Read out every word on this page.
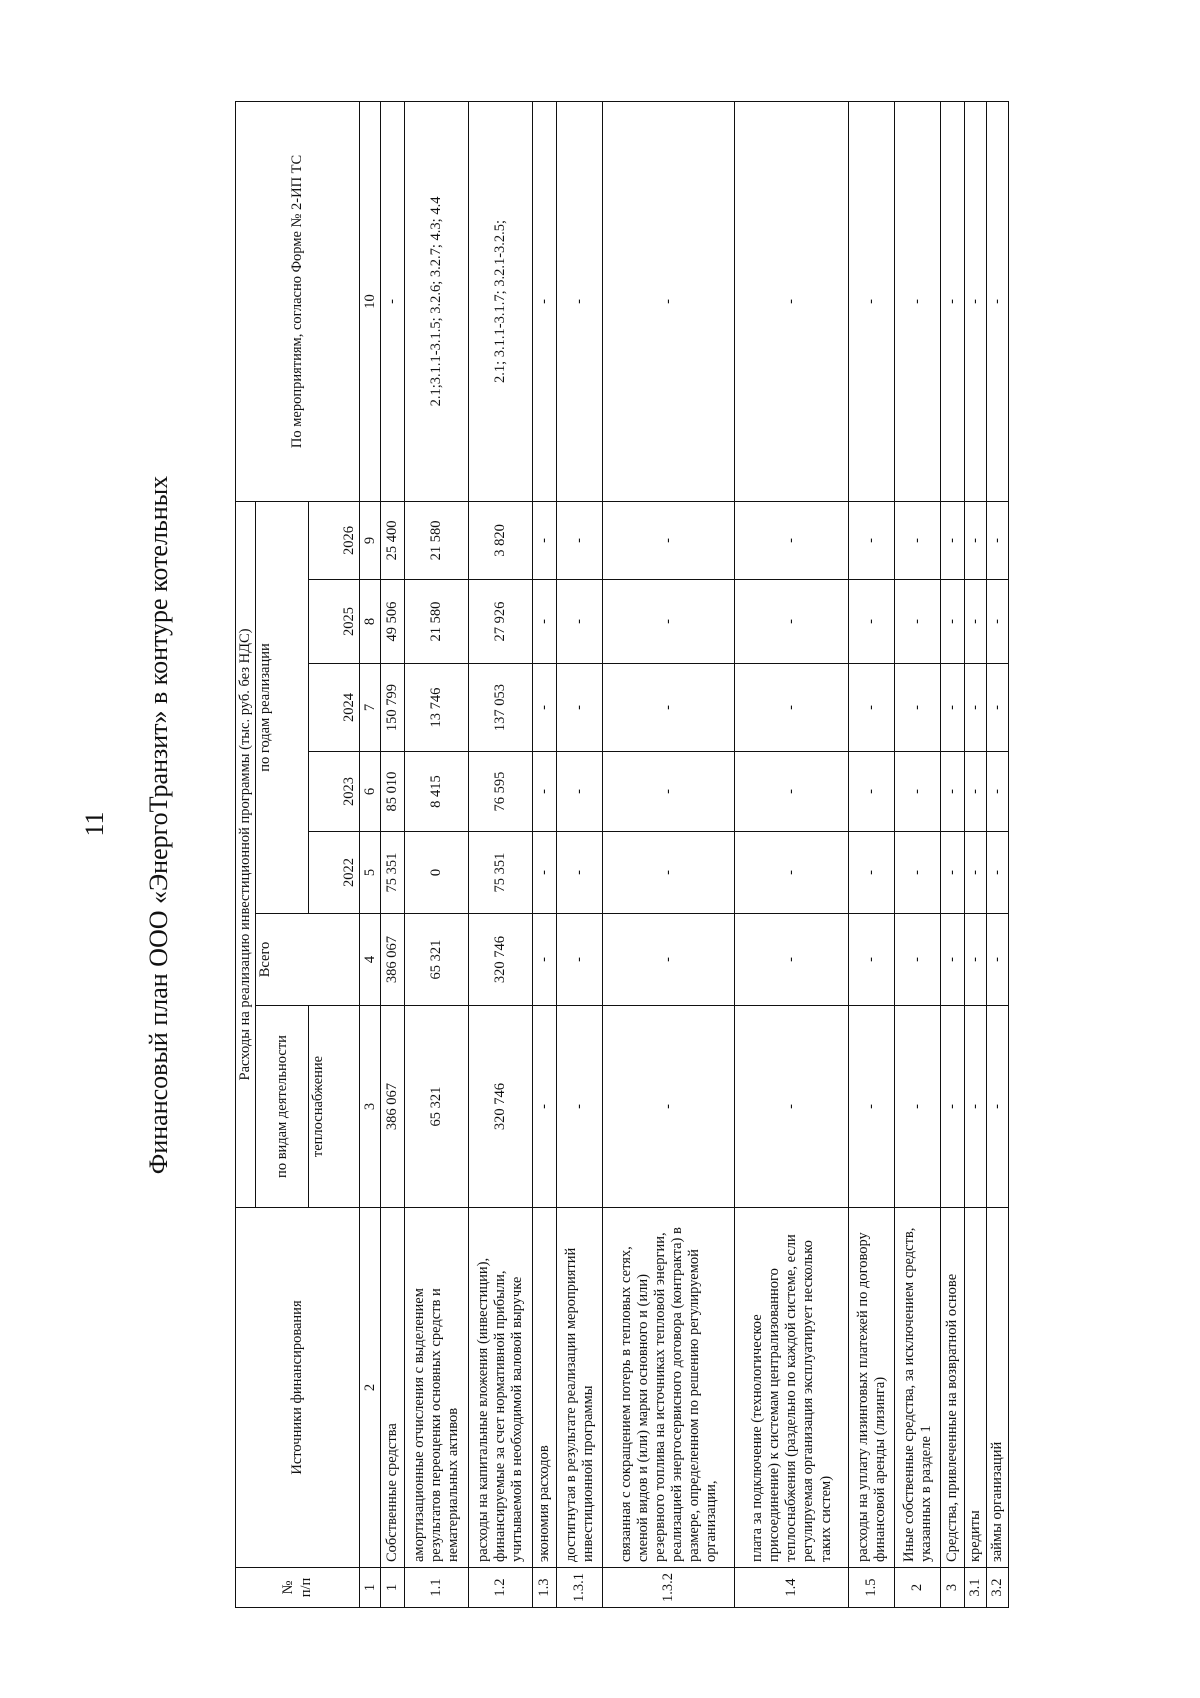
11	Финансовый план ООО «ЭнергоТранзит» в контуре котельных
№ п/п	Источники финансирования	Расходы на реализацию инвестиционной программы (тыс. руб. без НДС)							По мероприятиям, согласно Форме № 2-ИП ТС
		по видам деятельности	Всего	по годам реализации					
		теплоснабжение		2022	2023	2024	2025	2026	
1	2	3	4	5	6	7	8	9	10
1	Собственные средства	386 067	386 067	75 351	85 010	150 799	49 506	25 400	-
1.1	амортизационные отчисления с выделением результатов переоценки основных средств и нематериальных активов	65 321	65 321	0	8 415	13 746	21 580	21 580	2.1;3.1.1-3.1.5; 3.2.6; 3.2.7; 4.3; 4.4
1.2	расходы на капитальные вложения (инвестиции), финансируемые за счет нормативной прибыли, учитываемой в необходимой валовой выручке	320 746	320 746	75 351	76 595	137 053	27 926	3 820	2.1; 3.1.1-3.1.7; 3.2.1-3.2.5;
1.3	экономия расходов	-	-	-	-	-	-	-	-
1.3.1	достигнутая в результате реализации мероприятий инвестиционной программы	-	-	-	-	-	-	-	-
1.3.2	связанная с сокращением потерь в тепловых сетях, сменой видов и (или) марки основного и (или) резервного топлива на источниках тепловой энергии, реализацией энергосервисного договора (контракта) в размере, определенном по решению регулируемой организации,	-	-	-	-	-	-	-	-
1.4	плата за подключение (технологическое присоединение) к системам централизованного теплоснабжения (раздельно по каждой системе, если регулируемая организация эксплуатирует несколько таких систем)	-	-	-	-	-	-	-	-
1.5	расходы на уплату лизинговых платежей по договору финансовой аренды (лизинга)	-	-	-	-	-	-	-	-
2	Иные собственные средства, за исключением средств, указанных в разделе 1	-	-	-	-	-	-	-	-
3	Средства, привлеченные на возвратной основе	-	-	-	-	-	-	-	-
3.1	кредиты	-	-	-	-	-	-	-	-
3.2	займы организаций	-	-	-	-	-	-	-	-
